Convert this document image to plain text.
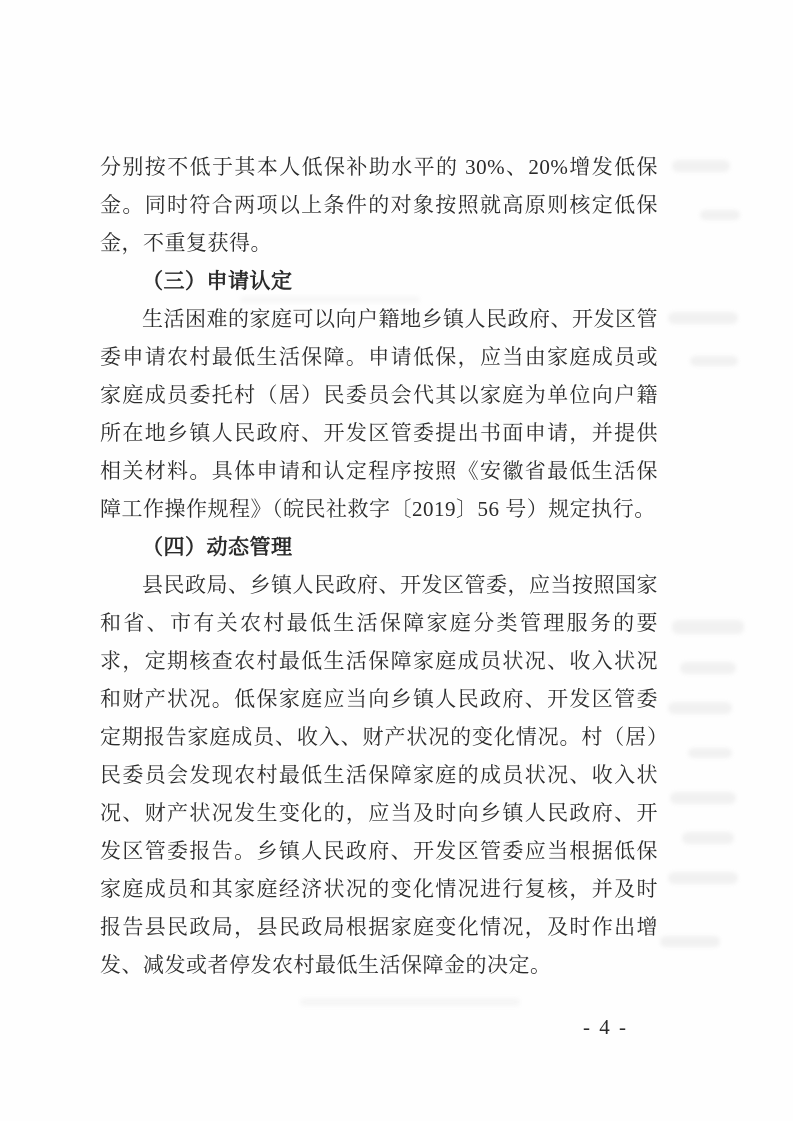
分别按不低于其本人低保补助水平的 30%、20%增发低保金。同时符合两项以上条件的对象按照就高原则核定低保金，不重复获得。

（三）申请认定

生活困难的家庭可以向户籍地乡镇人民政府、开发区管委申请农村最低生活保障。申请低保，应当由家庭成员或家庭成员委托村（居）民委员会代其以家庭为单位向户籍所在地乡镇人民政府、开发区管委提出书面申请，并提供相关材料。具体申请和认定程序按照《安徽省最低生活保障工作操作规程》（皖民社救字〔2019〕56 号）规定执行。

（四）动态管理

县民政局、乡镇人民政府、开发区管委，应当按照国家和省、市有关农村最低生活保障家庭分类管理服务的要求，定期核查农村最低生活保障家庭成员状况、收入状况和财产状况。低保家庭应当向乡镇人民政府、开发区管委定期报告家庭成员、收入、财产状况的变化情况。村（居）民委员会发现农村最低生活保障家庭的成员状况、收入状况、财产状况发生变化的，应当及时向乡镇人民政府、开发区管委报告。乡镇人民政府、开发区管委应当根据低保家庭成员和其家庭经济状况的变化情况进行复核，并及时报告县民政局，县民政局根据家庭变化情况，及时作出增发、减发或者停发农村最低生活保障金的决定。

- 4 -
